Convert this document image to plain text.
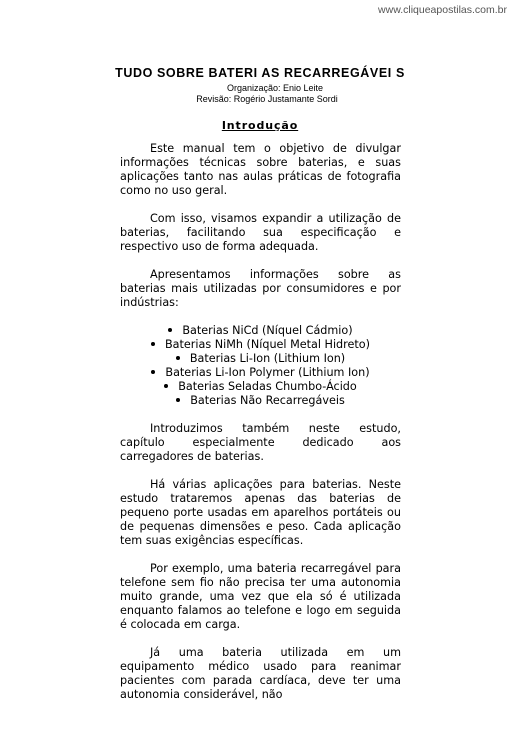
www.cliqueapostilas.com.br
TUDO SOBRE BATERI AS RECARREGÁVEI S
Organização: Enio Leite
Revisão: Rogério Justamante Sordi
Introdução

Este manual tem o objetivo de divulgar informações técnicas sobre baterias, e suas aplicações tanto nas aulas práticas de fotografia como no uso geral.

Com isso, visamos expandir a utilização de baterias, facilitando sua especificação e respectivo uso de forma adequada.

Apresentamos informações sobre as baterias mais utilizadas por consumidores e por indústrias:

Baterias NiCd (Níquel Cádmio)
Baterias NiMh (Níquel Metal Hidreto)
Baterias Li-Ion (Lithium Ion)
Baterias Li-Ion Polymer (Lithium Ion)
Baterias Seladas Chumbo-Ácido
Baterias Não Recarregáveis

Introduzimos também neste estudo, capítulo especialmente dedicado aos carregadores de baterias.

Há várias aplicações para baterias. Neste estudo trataremos apenas das baterias de pequeno porte usadas em aparelhos portáteis ou de pequenas dimensões e peso. Cada aplicação tem suas exigências específicas.

Por exemplo, uma bateria recarregável para telefone sem fio não precisa ter uma autonomia muito grande, uma vez que ela só é utilizada enquanto falamos ao telefone e logo em seguida é colocada em carga.

Já uma bateria utilizada em um equipamento médico usado para reanimar pacientes com parada cardíaca, deve ter uma autonomia considerável, não
